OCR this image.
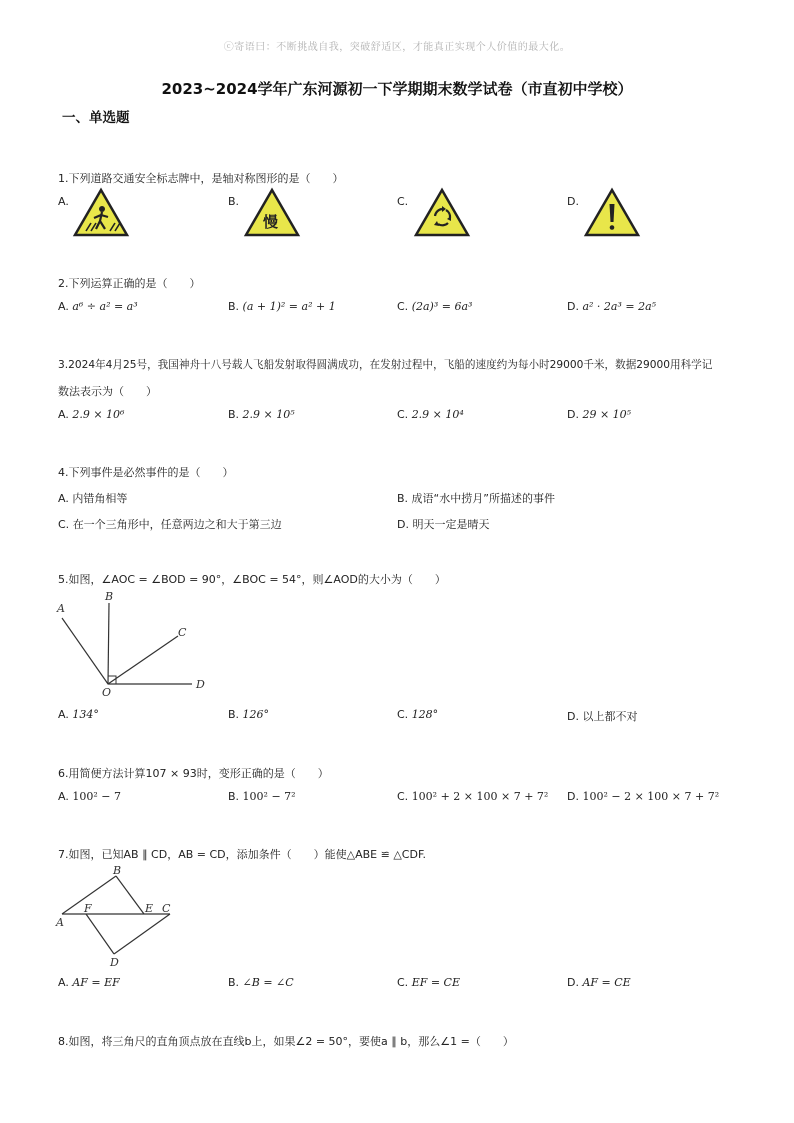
ⓒ寄语曰：不断挑战自我，突破舒适区，才能真正实现个人价值的最大化。
2023~2024学年广东河源初一下学期期末数学试卷（市直初中学校）
一、单选题
1.下列道路交通安全标志牌中，是轴对称图形的是（　　）
A.	B.
慢
C.	D.
2.下列运算正确的是（　　）
A. a⁶ ÷ a² = a³	B. (a + 1)² = a² + 1	C. (2a)³ = 6a³	D. a² · 2a³ = 2a⁵
3.2024年4月25号，我国神舟十八号载人飞船发射取得圆满成功，在发射过程中，飞船的速度约为每小时29000千米，数据29000用科学记
数法表示为（　　）
A. 2.9 × 10⁶	B. 2.9 × 10⁵	C. 2.9 × 10⁴	D. 29 × 10⁵
4.下列事件是必然事件的是（　　）
A. 内错角相等	B. 成语“水中捞月”所描述的事件
C. 在一个三角形中，任意两边之和大于第三边	D. 明天一定是晴天
5.如图，∠AOC = ∠BOD = 90°，∠BOC = 54°，则∠AOD的大小为（　　）
A
B
C
D
O
A. 134°	B. 126°	C. 128°	D. 以上都不对
6.用简便方法计算107 × 93时，变形正确的是（　　）
A. 100² − 7	B. 100² − 7²	C. 100² + 2 × 100 × 7 + 7² D. 100² − 2 × 100 × 7 + 7²
7.如图，已知AB ∥ CD，AB = CD，添加条件（　　）能使△ABE ≌ △CDF.
B
F	E C
A
D
A. AF = EF	B. ∠B = ∠C	C. EF = CE	D. AF = CE
8.如图，将三角尺的直角顶点放在直线b上，如果∠2 = 50°，要使a ∥ b，那么∠1 =（　　）
